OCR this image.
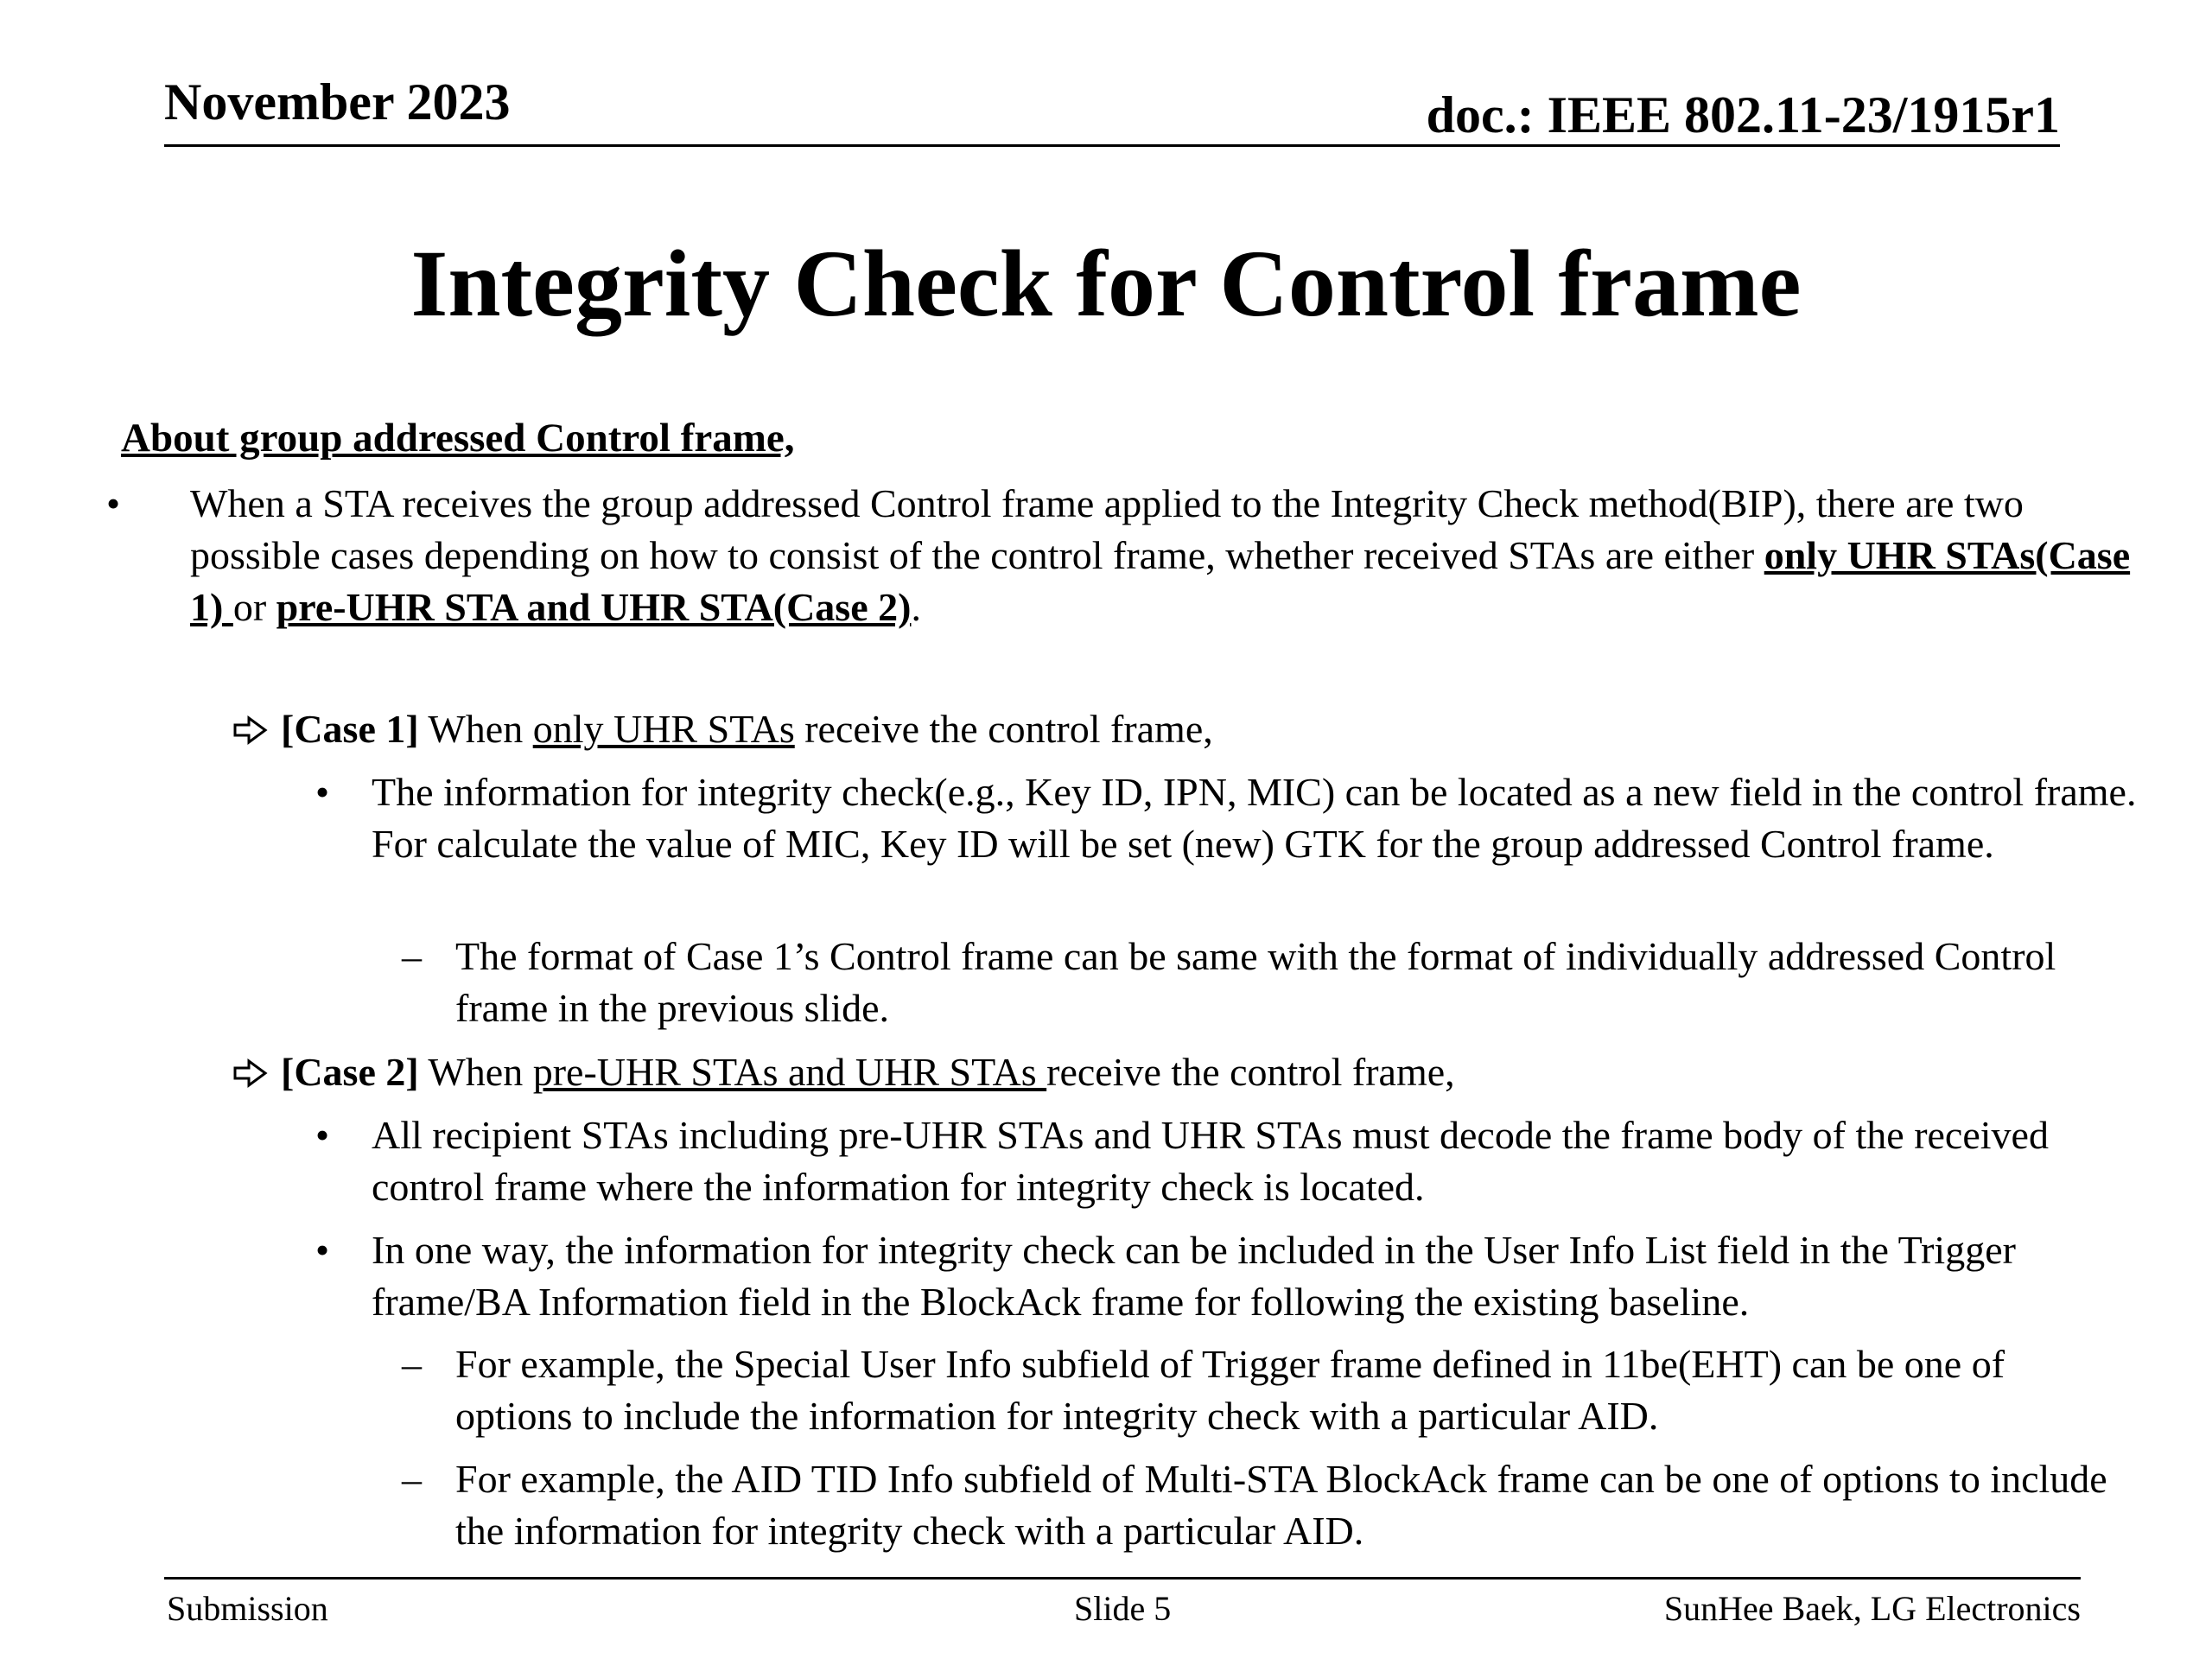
November 2023	doc.: IEEE 802.11-23/1915r1
Integrity Check for Control frame
About group addressed Control frame,
• When a STA receives the group addressed Control frame applied to the Integrity Check method(BIP), there are two possible cases depending on how to consist of the control frame, whether received STAs are either only UHR STAs(Case 1) or pre-UHR STA and UHR STA(Case 2).
[Case 1] When only UHR STAs receive the control frame,
• The information for integrity check(e.g., Key ID, IPN, MIC) can be located as a new field in the control frame. For calculate the value of MIC, Key ID will be set (new) GTK for the group addressed Control frame.
– The format of Case 1’s Control frame can be same with the format of individually addressed Control frame in the previous slide.
[Case 2] When pre-UHR STAs and UHR STAs receive the control frame,
• All recipient STAs including pre-UHR STAs and UHR STAs must decode the frame body of the received control frame where the information for integrity check is located.
• In one way, the information for integrity check can be included in the User Info List field in the Trigger frame/BA Information field in the BlockAck frame for following the existing baseline.
– For example, the Special User Info subfield of Trigger frame defined in 11be(EHT) can be one of options to include the information for integrity check with a particular AID.
– For example, the AID TID Info subfield of Multi-STA BlockAck frame can be one of options to include the information for integrity check with a particular AID.
Submission	Slide 5	SunHee Baek, LG Electronics
